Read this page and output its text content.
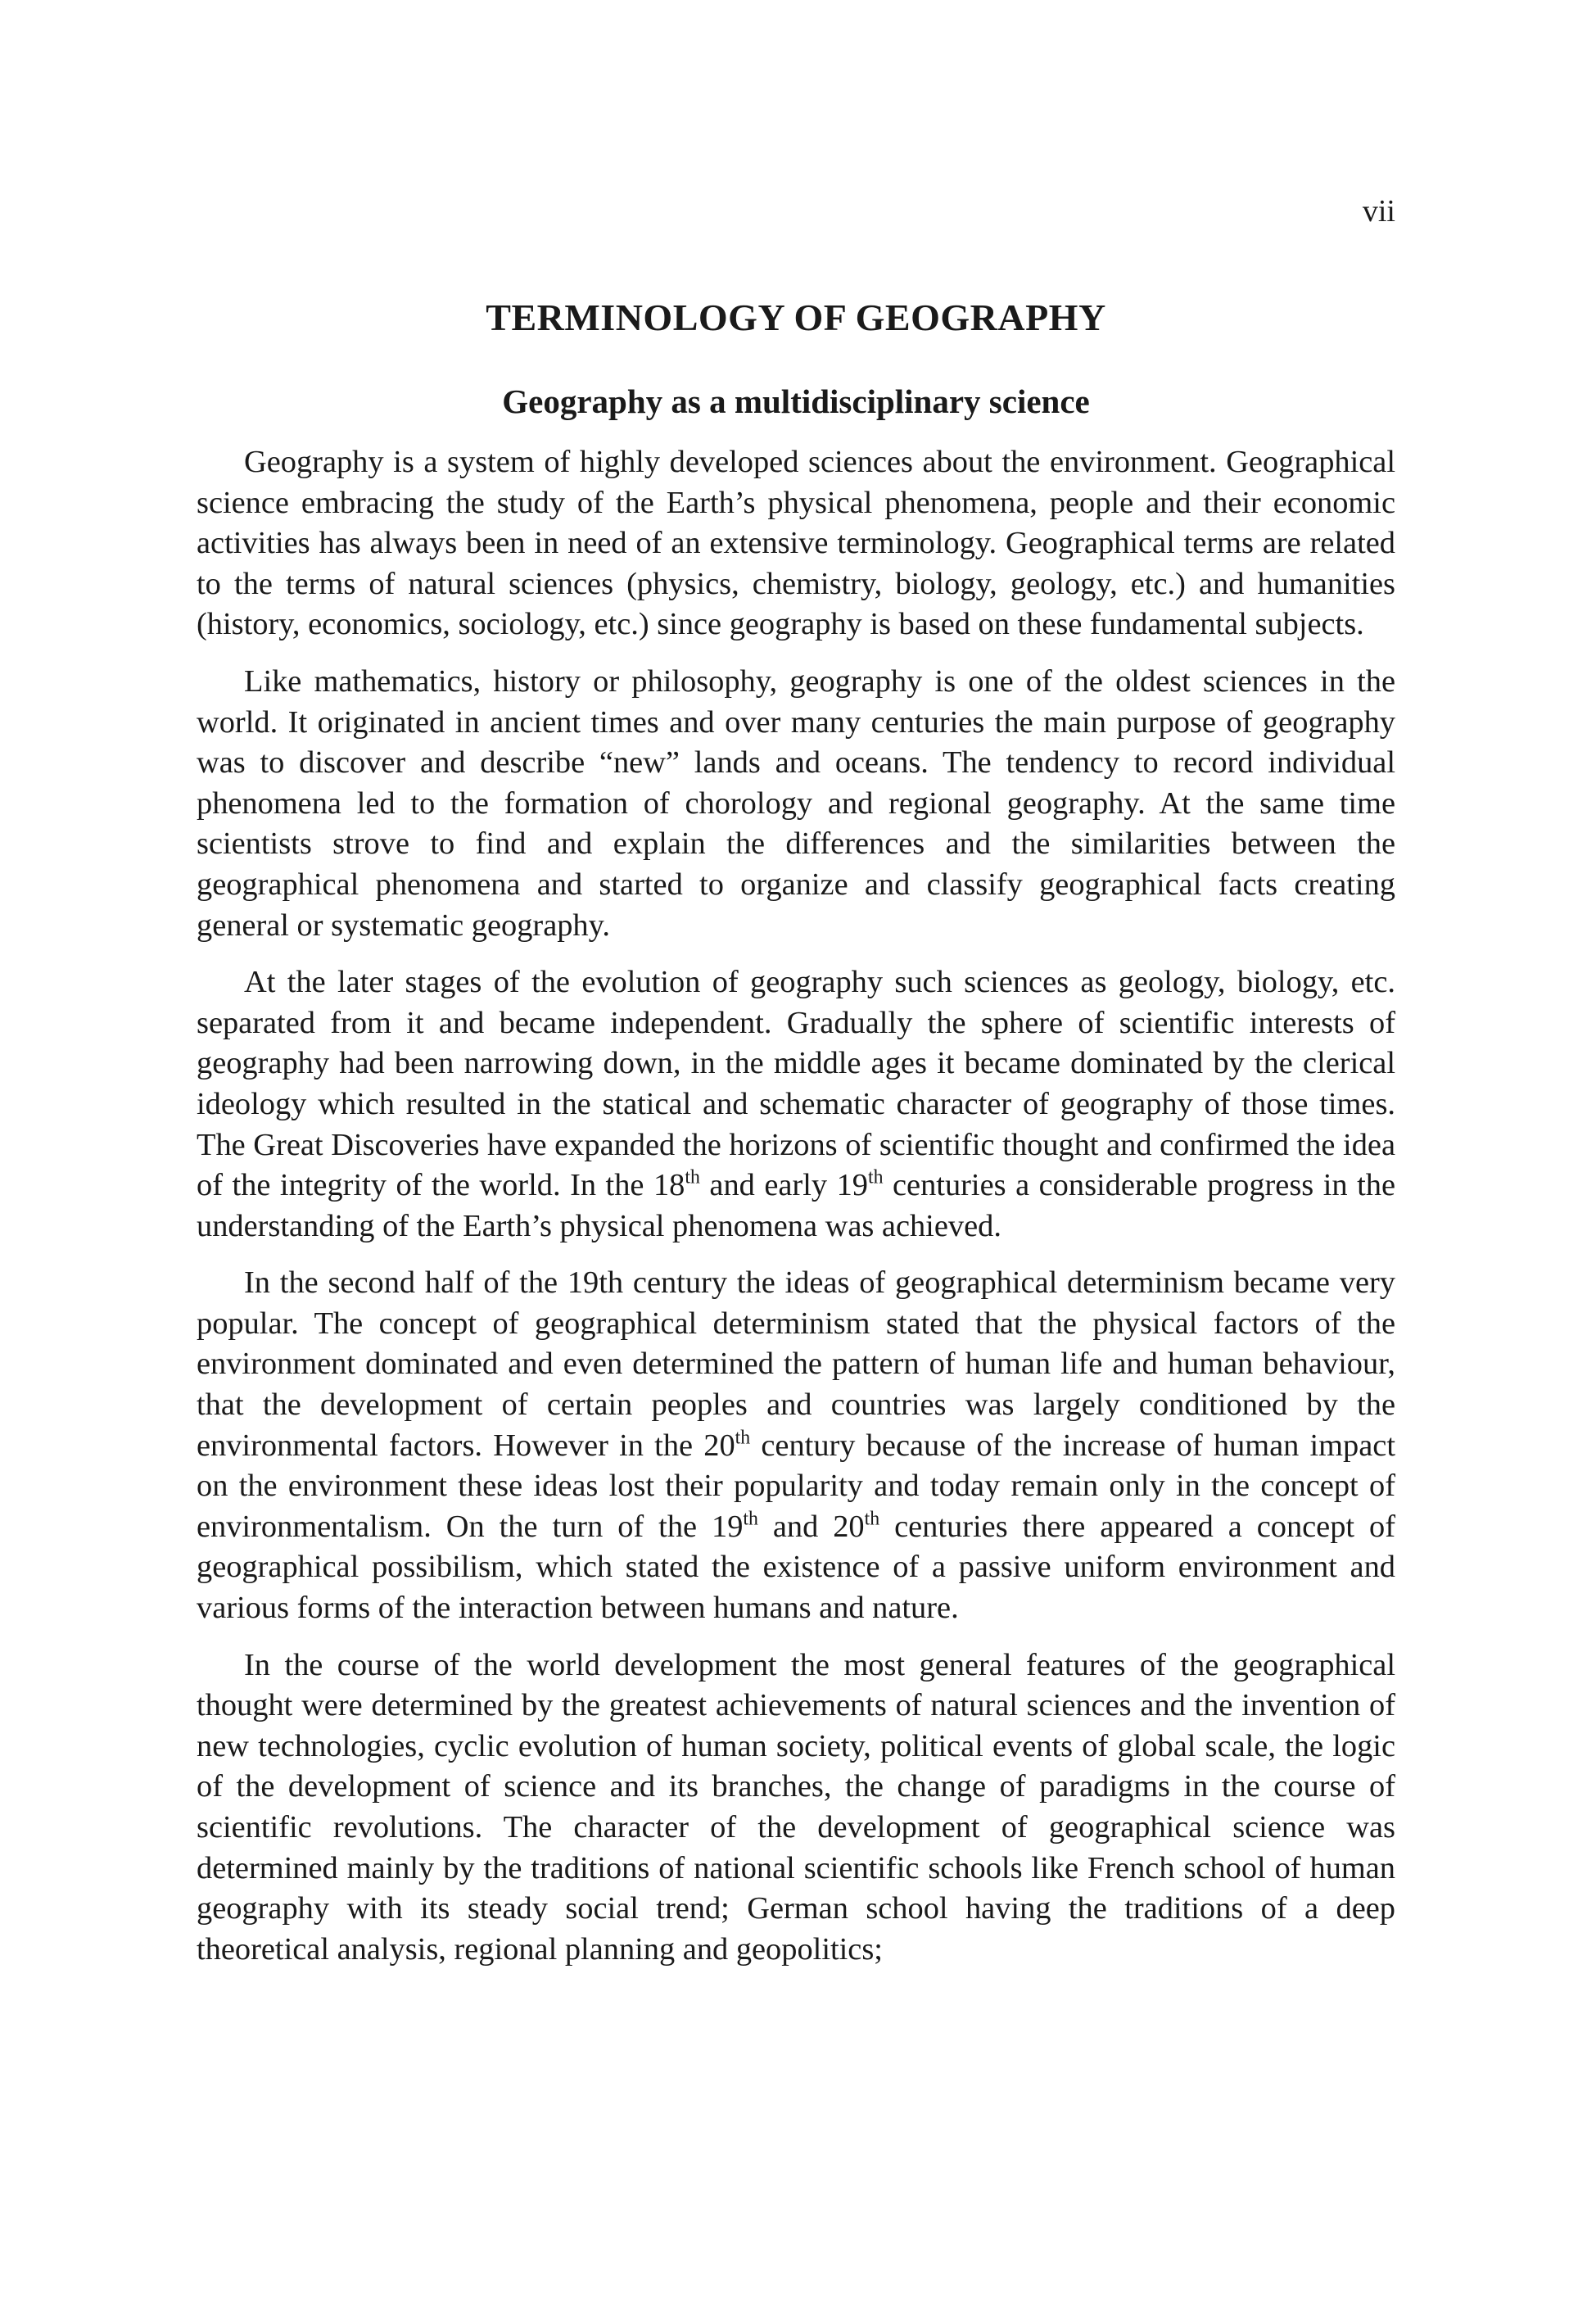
vii
TERMINOLOGY OF GEOGRAPHY
Geography as a multidisciplinary science

Geography is a system of highly developed sciences about the environment. Geographical science embracing the study of the Earth’s physical phenomena, people and their economic activities has always been in need of an extensive terminology. Geographical terms are related to the terms of natural sciences (physics, chemistry, biology, geology, etc.) and humanities (history, economics, sociology, etc.) since geography is based on these fundamental subjects.

Like mathematics, history or philosophy, geography is one of the oldest sciences in the world. It originated in ancient times and over many centuries the main purpose of geography was to discover and describe “new” lands and oceans. The tendency to record individual phenomena led to the formation of chorology and regional geography. At the same time scientists strove to find and explain the differences and the similarities between the geographical phenomena and started to organize and classify geographical facts creating general or systematic geography.

At the later stages of the evolution of geography such sciences as geology, biology, etc. separated from it and became independent. Gradually the sphere of scientific interests of geography had been narrowing down, in the middle ages it became dominated by the clerical ideology which resulted in the statical and schematic character of geography of those times. The Great Discoveries have expanded the horizons of scientific thought and confirmed the idea of the integrity of the world. In the 18th and early 19th centuries a considerable progress in the understanding of the Earth’s physical phenomena was achieved.

In the second half of the 19th century the ideas of geographical determinism became very popular. The concept of geographical determinism stated that the physical factors of the environment dominated and even determined the pattern of human life and human behaviour, that the development of certain peoples and countries was largely conditioned by the environmental factors. However in the 20th century because of the increase of human impact on the environment these ideas lost their popularity and today remain only in the concept of environmentalism. On the turn of the 19th and 20th centuries there appeared a concept of geographical possibilism, which stated the existence of a passive uniform environment and various forms of the interaction between humans and nature.

In the course of the world development the most general features of the geographical thought were determined by the greatest achievements of natural sciences and the invention of new technologies, cyclic evolution of human society, political events of global scale, the logic of the development of science and its branches, the change of paradigms in the course of scientific revolutions. The character of the development of geographical science was determined mainly by the traditions of national scientific schools like French school of human geography with its steady social trend; German school having the traditions of a deep theoretical analysis, regional planning and geopolitics;
